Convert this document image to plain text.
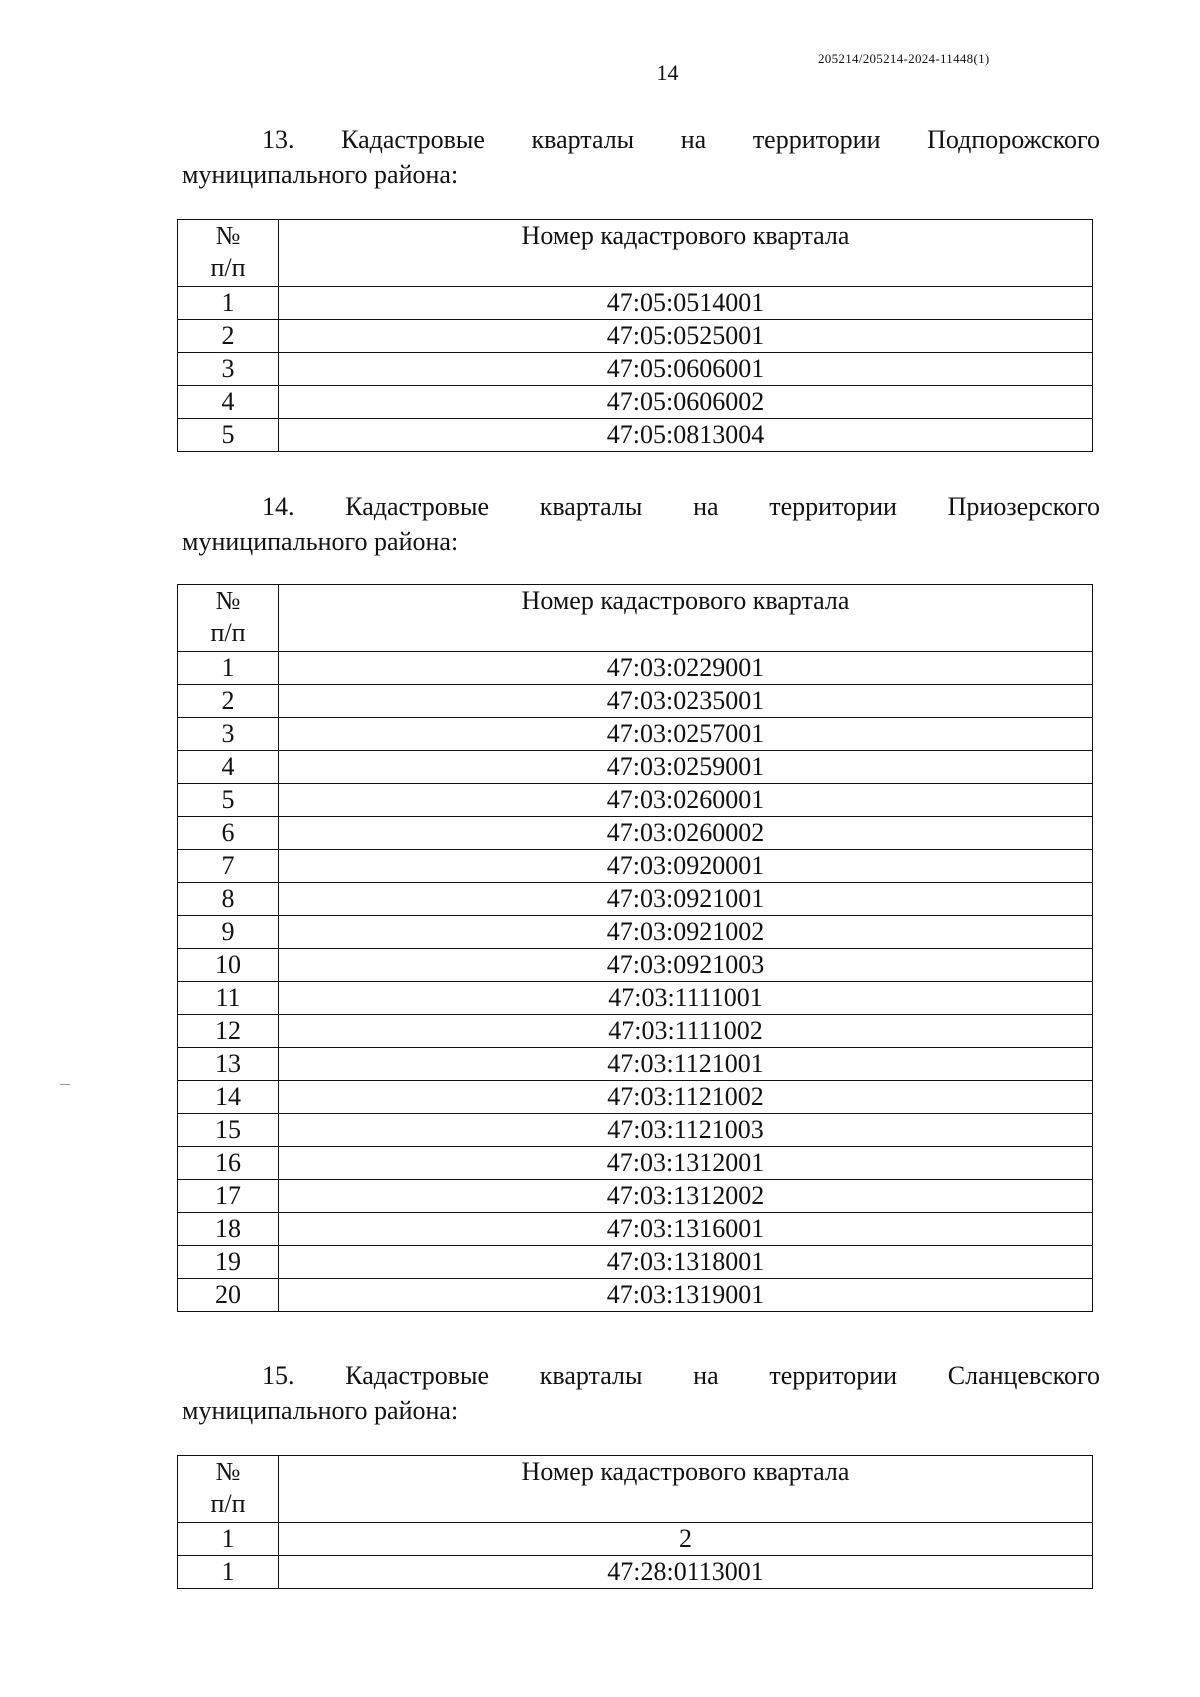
205214/205214-2024-11448(1)
14
13. Кадастровые кварталы на территории Подпорожского
муниципального района:
№
п/п	Номер кадастрового квартала
1	47:05:0514001
2	47:05:0525001
3	47:05:0606001
4	47:05:0606002
5	47:05:0813004
14. Кадастровые кварталы на территории Приозерского
муниципального района:
№
п/п	Номер кадастрового квартала
1	47:03:0229001
2	47:03:0235001
3	47:03:0257001
4	47:03:0259001
5	47:03:0260001
6	47:03:0260002
7	47:03:0920001
8	47:03:0921001
9	47:03:0921002
10	47:03:0921003
11	47:03:1111001
12	47:03:1111002
13	47:03:1121001
14	47:03:1121002
15	47:03:1121003
16	47:03:1312001
17	47:03:1312002
18	47:03:1316001
19	47:03:1318001
20	47:03:1319001
15. Кадастровые кварталы на территории Сланцевского
муниципального района:
№
п/п	Номер кадастрового квартала
1	2
1	47:28:0113001
